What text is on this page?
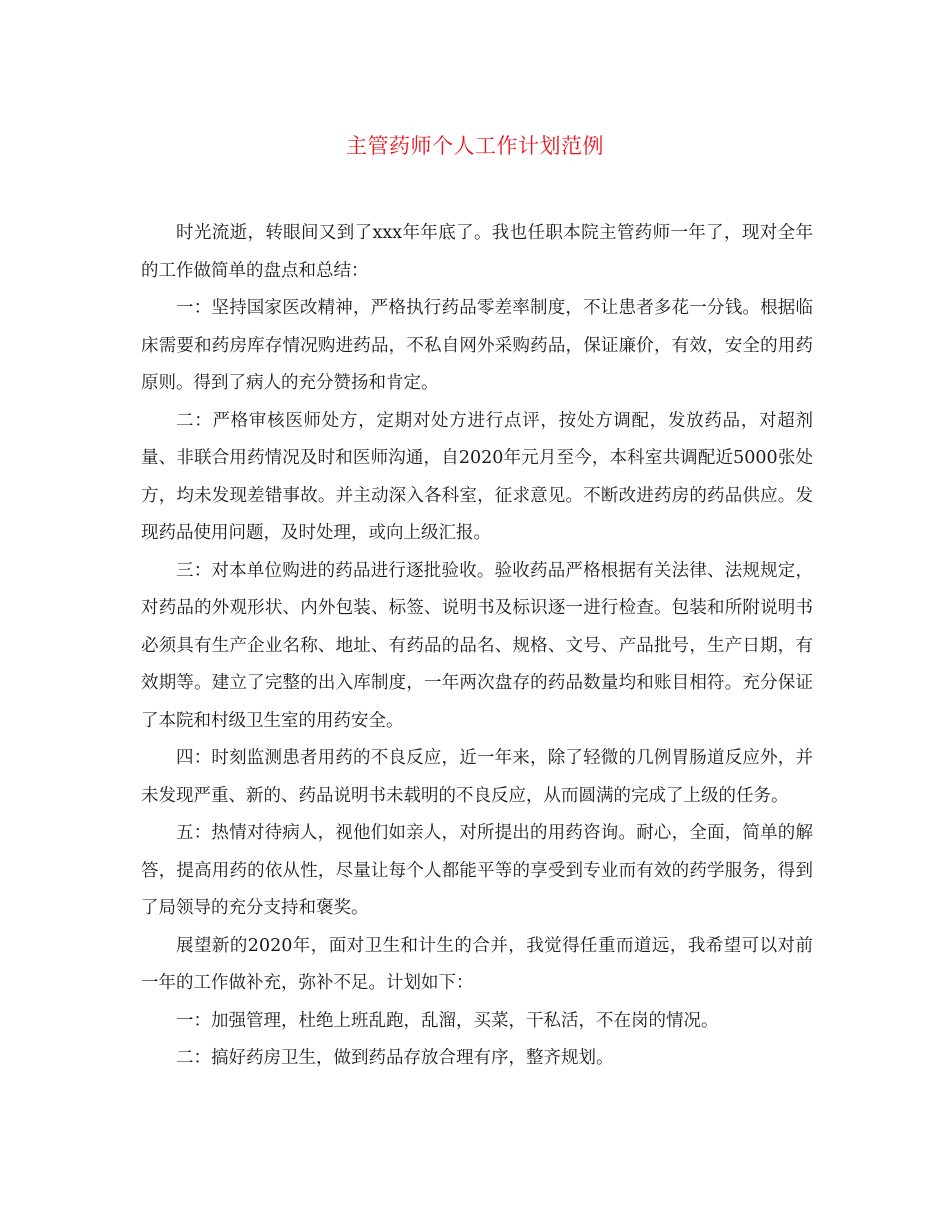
主管药师个人工作计划范例

时光流逝，转眼间又到了xxx年年底了。我也任职本院主管药师一年了，现对全年的工作做简单的盘点和总结：

一：坚持国家医改精神，严格执行药品零差率制度，不让患者多花一分钱。根据临床需要和药房库存情况购进药品，不私自网外采购药品，保证廉价，有效，安全的用药原则。得到了病人的充分赞扬和肯定。

二：严格审核医师处方，定期对处方进行点评，按处方调配，发放药品，对超剂量、非联合用药情况及时和医师沟通，自2020年元月至今，本科室共调配近5000张处方，均未发现差错事故。并主动深入各科室，征求意见。不断改进药房的药品供应。发现药品使用问题，及时处理，或向上级汇报。

三：对本单位购进的药品进行逐批验收。验收药品严格根据有关法律、法规规定，对药品的外观形状、内外包装、标签、说明书及标识逐一进行检查。包装和所附说明书必须具有生产企业名称、地址、有药品的品名、规格、文号、产品批号，生产日期，有效期等。建立了完整的出入库制度，一年两次盘存的药品数量均和账目相符。充分保证了本院和村级卫生室的用药安全。

四：时刻监测患者用药的不良反应，近一年来，除了轻微的几例胃肠道反应外，并未发现严重、新的、药品说明书未载明的不良反应，从而圆满的完成了上级的任务。

五：热情对待病人，视他们如亲人，对所提出的用药咨询。耐心，全面，简单的解答，提高用药的依从性，尽量让每个人都能平等的享受到专业而有效的药学服务，得到了局领导的充分支持和褒奖。

展望新的2020年，面对卫生和计生的合并，我觉得任重而道远，我希望可以对前一年的工作做补充，弥补不足。计划如下：

一：加强管理，杜绝上班乱跑，乱溜，买菜，干私活，不在岗的情况。

二：搞好药房卫生，做到药品存放合理有序，整齐规划。
